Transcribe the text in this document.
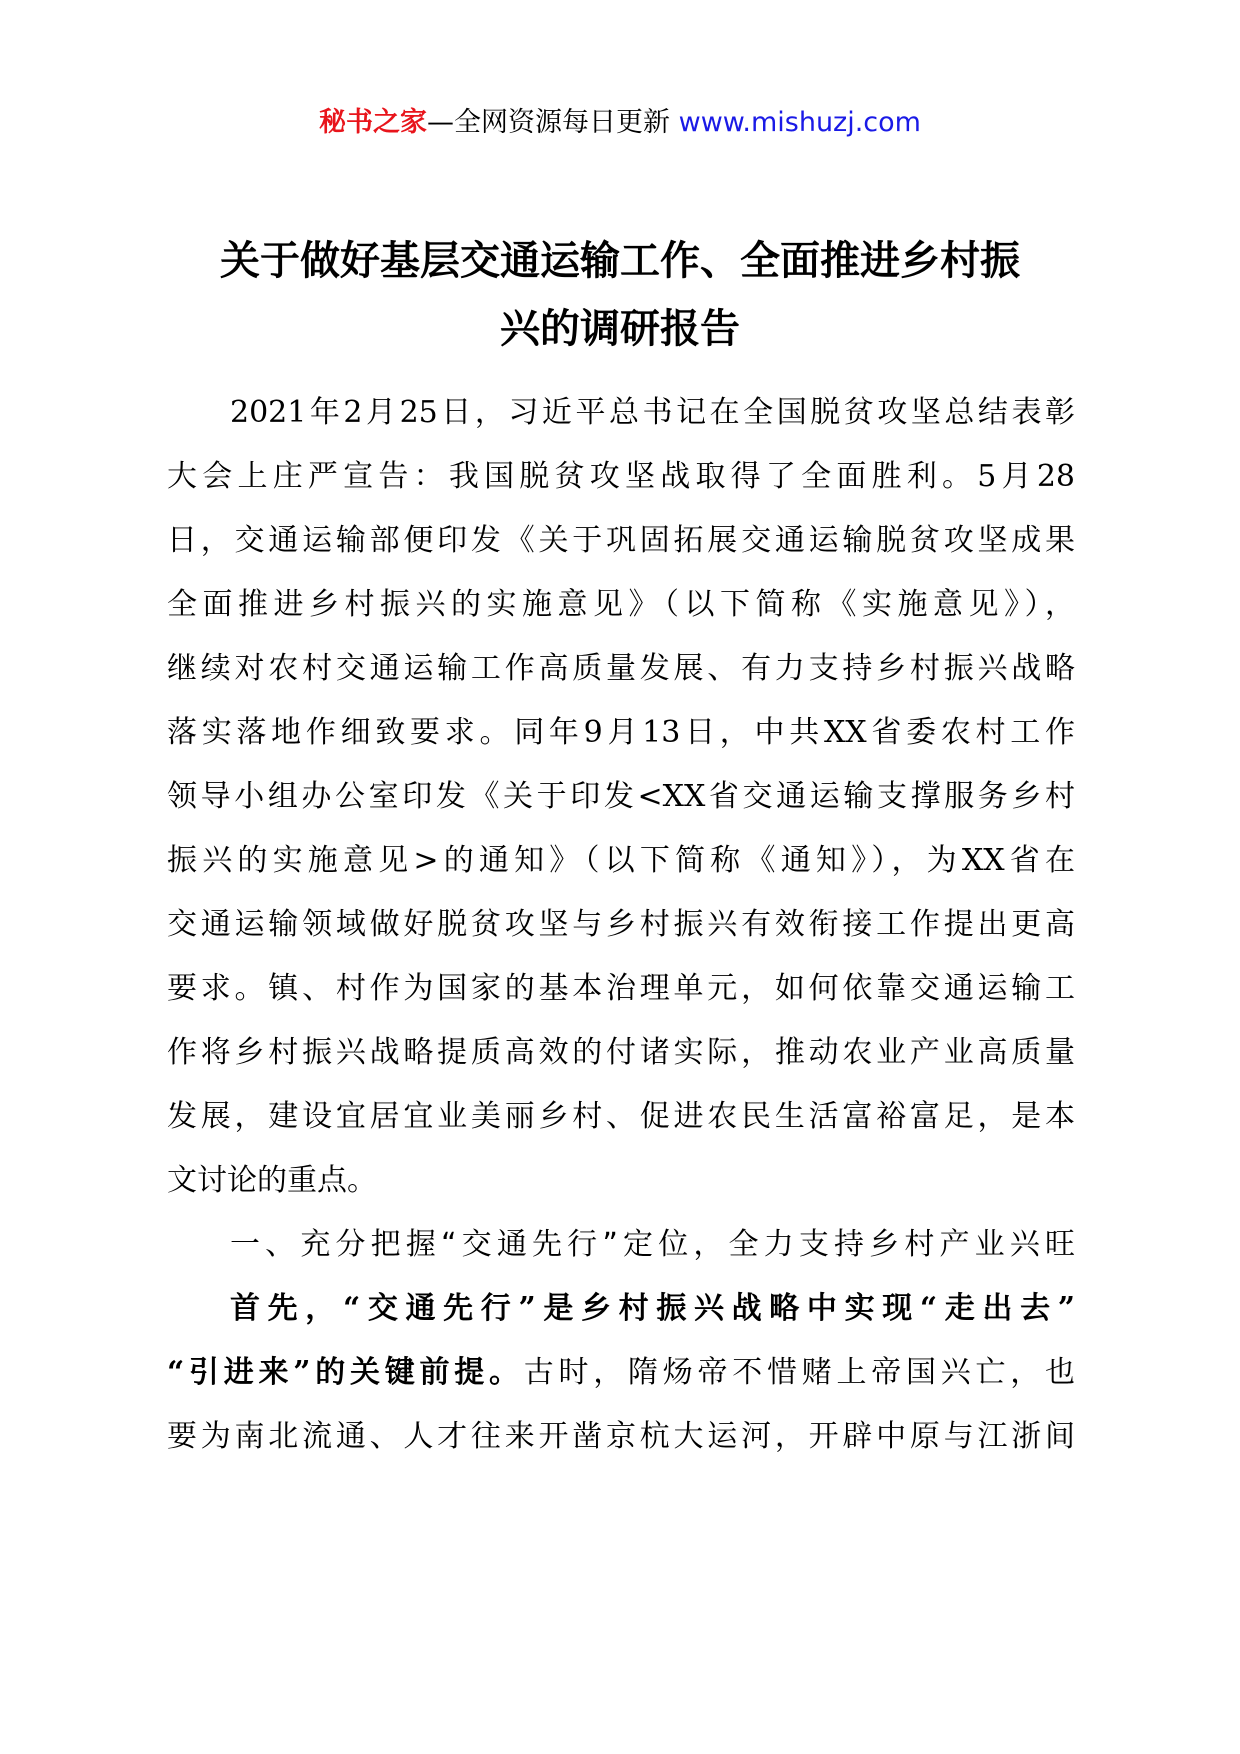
秘书之家—全网资源每日更新 www.mishuzj.com
关于做好基层交通运输工作、全面推进乡村振
兴的调研报告
2021年2月25日，习近平总书记在全国脱贫攻坚总结表彰
大会上庄严宣告：我国脱贫攻坚战取得了全面胜利。5月28
日，交通运输部便印发《关于巩固拓展交通运输脱贫攻坚成果
全面推进乡村振兴的实施意见》（以下简称《实施意见》），
继续对农村交通运输工作高质量发展、有力支持乡村振兴战略
落实落地作细致要求。同年9月13日，中共XX省委农村工作
领导小组办公室印发《关于印发<XX省交通运输支撑服务乡村
振兴的实施意见>的通知》（以下简称《通知》），为XX省在
交通运输领域做好脱贫攻坚与乡村振兴有效衔接工作提出更高
要求。镇、村作为国家的基本治理单元，如何依靠交通运输工
作将乡村振兴战略提质高效的付诸实际，推动农业产业高质量
发展，建设宜居宜业美丽乡村、促进农民生活富裕富足，是本
文讨论的重点。
一、充分把握“交通先行”定位，全力支持乡村产业兴旺
首先，“交通先行”是乡村振兴战略中实现“走出去”
“引进来”的关键前提。古时，隋炀帝不惜赌上帝国兴亡，也
要为南北流通、人才往来开凿京杭大运河，开辟中原与江浙间
